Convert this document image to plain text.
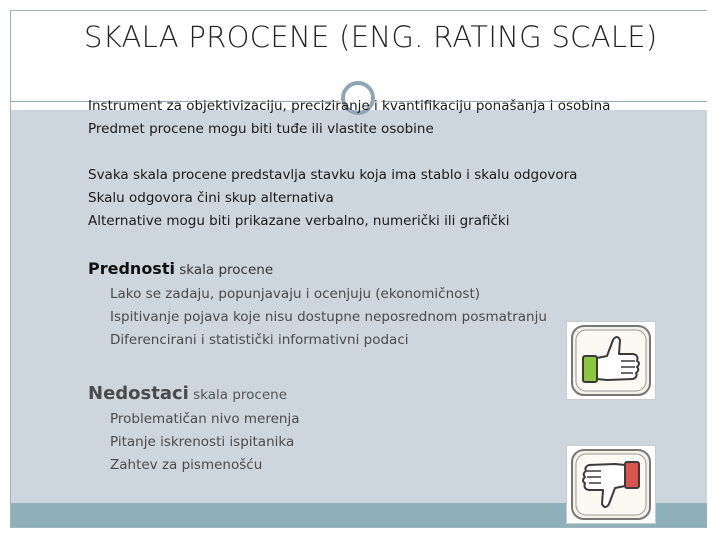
SKALA PROCENE (ENG. RATING SCALE)
Instrument za objektivizaciju, preciziranje i kvantifikaciju ponašanja i osobina
Predmet procene mogu biti tuđe ili vlastite osobine
Svaka skala procene predstavlja stavku koja ima stablo i skalu odgovora
Skalu odgovora čini skup alternativa
Alternative mogu biti prikazane verbalno, numerički ili grafički
Prednosti skala procene
Lako se zadaju, popunjavaju i ocenjuju (ekonomičnost)
Ispitivanje pojava koje nisu dostupne neposrednom posmatranju
Diferencirani i statistički informativni podaci
Nedostaci skala procene
Problematičan nivo merenja
Pitanje iskrenosti ispitanika
Zahtev za pismenošću
